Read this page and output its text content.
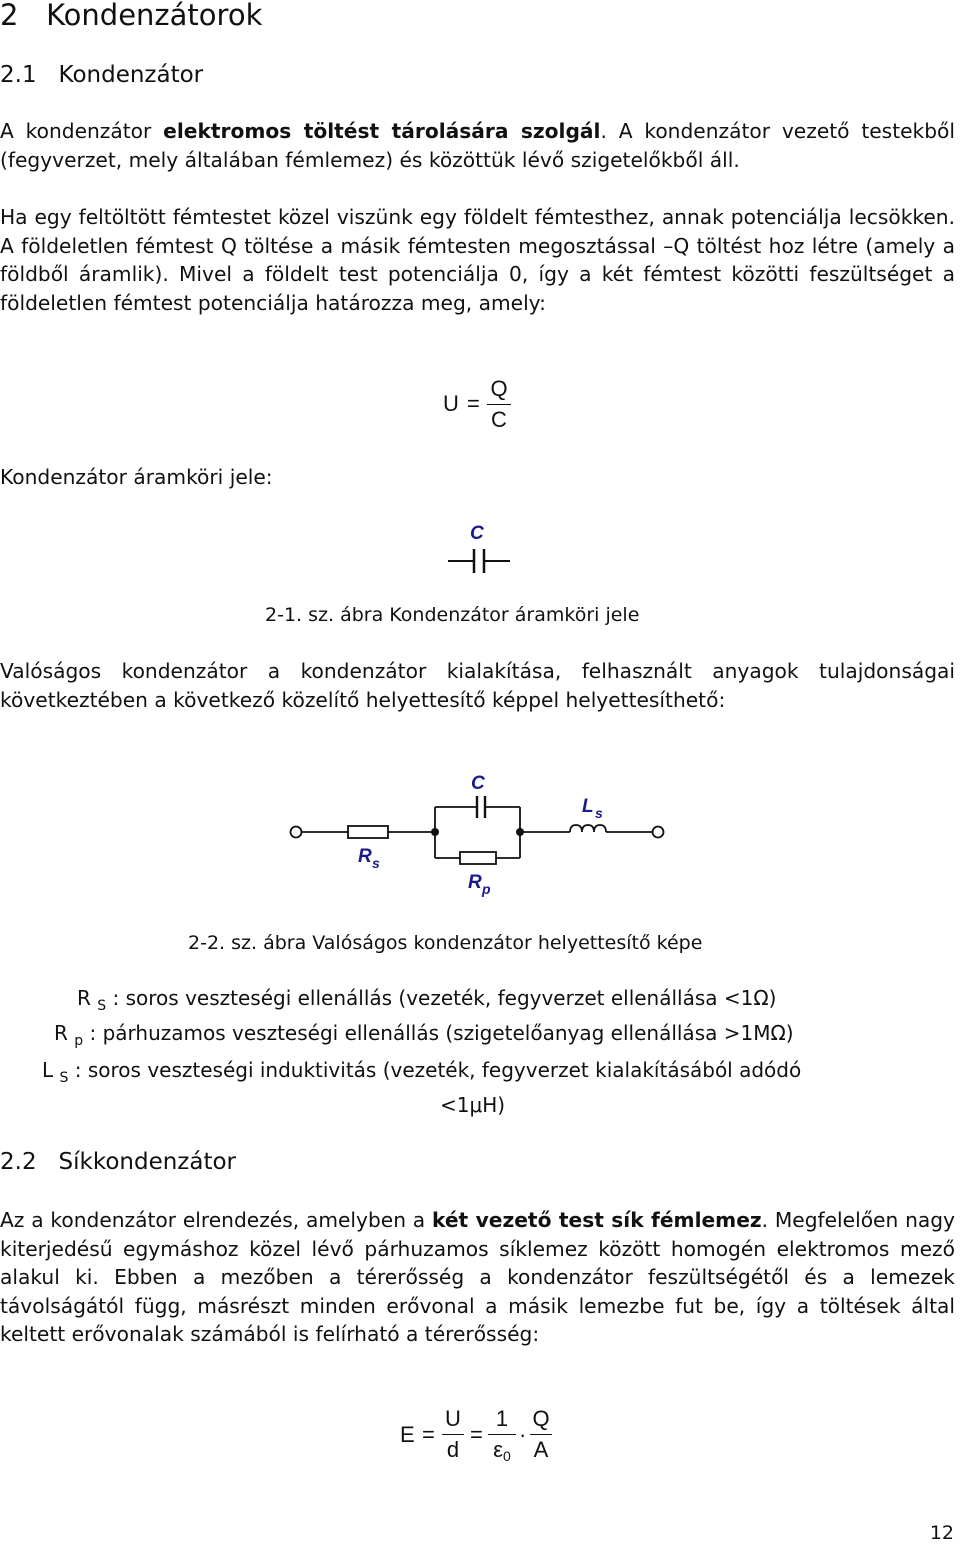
2 Kondenzátorok
2.1 Kondenzátor

A kondenzátor elektromos töltést tárolására szolgál. A kondenzátor vezető testekből (fegyverzet, mely általában fémlemez) és közöttük lévő szigetelőkből áll.

Ha egy feltöltött fémtestet közel viszünk egy földelt fémtesthez, annak potenciálja lecsökken. A földeletlen fémtest Q töltése a másik fémtesten megosztással –Q töltést hoz létre (amely a földből áramlik). Mivel a földelt test potenciálja 0, így a két fémtest közötti feszültséget a földeletlen fémtest potenciálja határozza meg, amely:

U =
Q
C
Kondenzátor áramköri jele:
C
2-1. sz. ábra Kondenzátor áramköri jele

Valóságos kondenzátor a kondenzátor kialakítása, felhasznált anyagok tulajdonságai következtében a következő közelítő helyettesítő képpel helyettesíthető:

C
L s
R s
R p
2-2. sz. ábra Valóságos kondenzátor helyettesítő képe
R $_S$ : soros veszteségi ellenállás (vezeték, fegyverzet ellenállása <1Ω)
R $_p$ : párhuzamos veszteségi ellenállás (szigetelőanyag ellenállása >1MΩ)
L $_S$ : soros veszteségi induktivitás (vezeték, fegyverzet kialakításából adódó
<1μH)
2.2 Síkkondenzátor

Az a kondenzátor elrendezés, amelyben a két vezető test sík fémlemez. Megfelelően nagy kiterjedésű egymáshoz közel lévő párhuzamos síklemez között homogén elektromos mező alakul ki. Ebben a mezőben a térerősség a kondenzátor feszültségétől és a lemezek távolságától függ, másrészt minden erővonal a másik lemezbe fut be, így a töltések által keltett erővonalak számából is felírható a térerősség:

E =
U
d
=
1
ε0
·
Q
A
12
